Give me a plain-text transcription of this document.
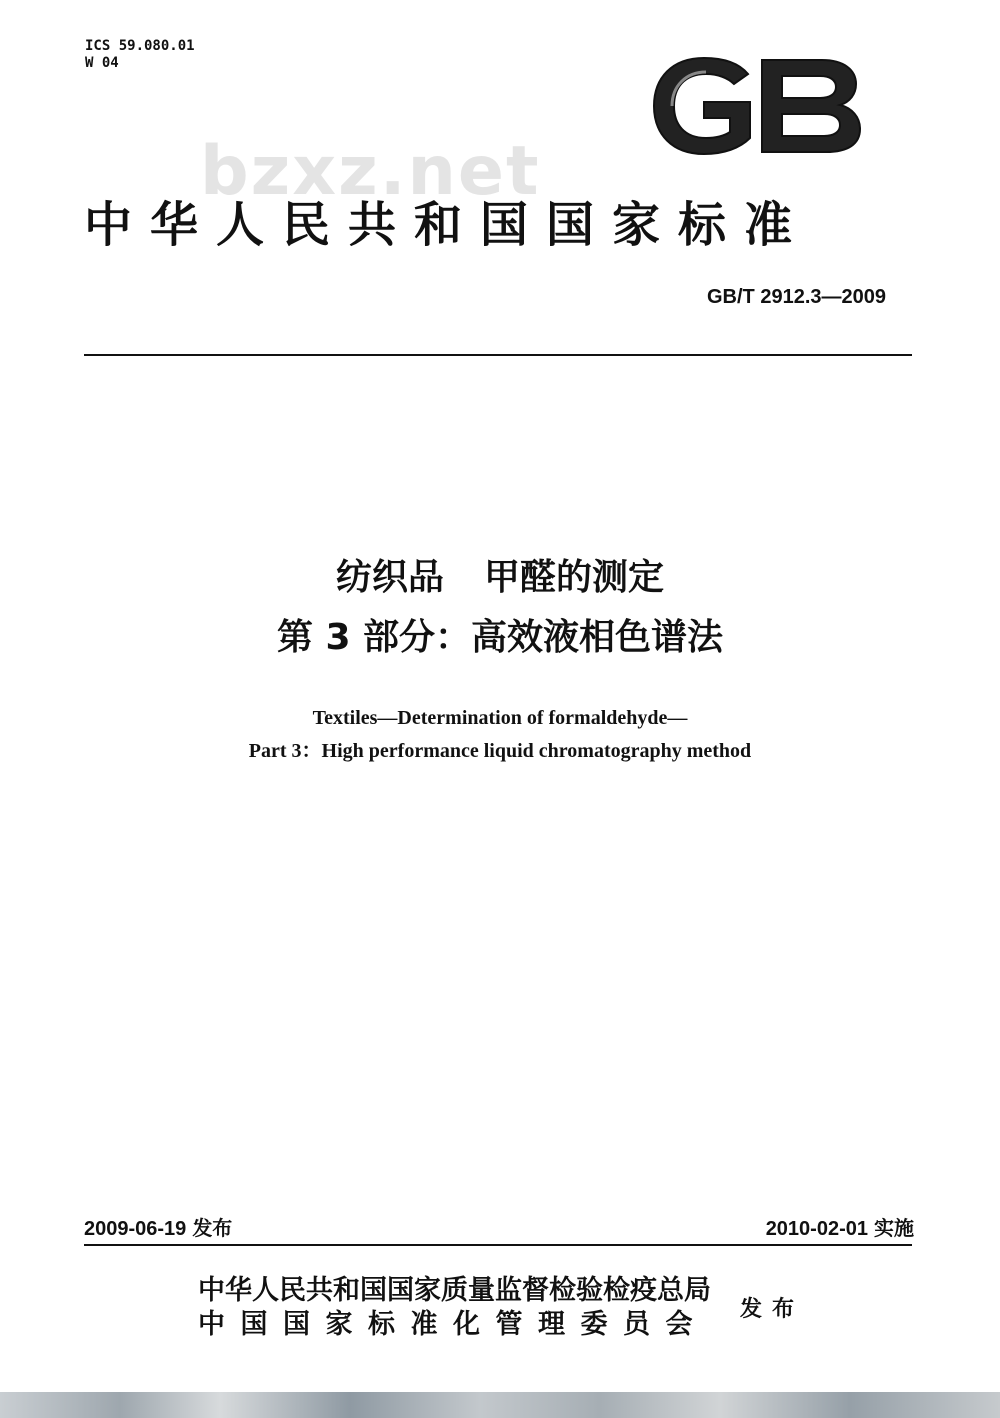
ICS 59.080.01
W 04
bzxz.net
中华人民共和国国家标准
GB/T 2912.3—2009
纺织品 甲醛的测定
第 3 部分：高效液相色谱法
Textiles—Determination of formaldehyde—
Part 3：High performance liquid chromatography method
2009-06-19 发布	2010-02-01 实施
中华人民共和国国家质量监督检验检疫总局
中国国家标准化管理委员会 发布
